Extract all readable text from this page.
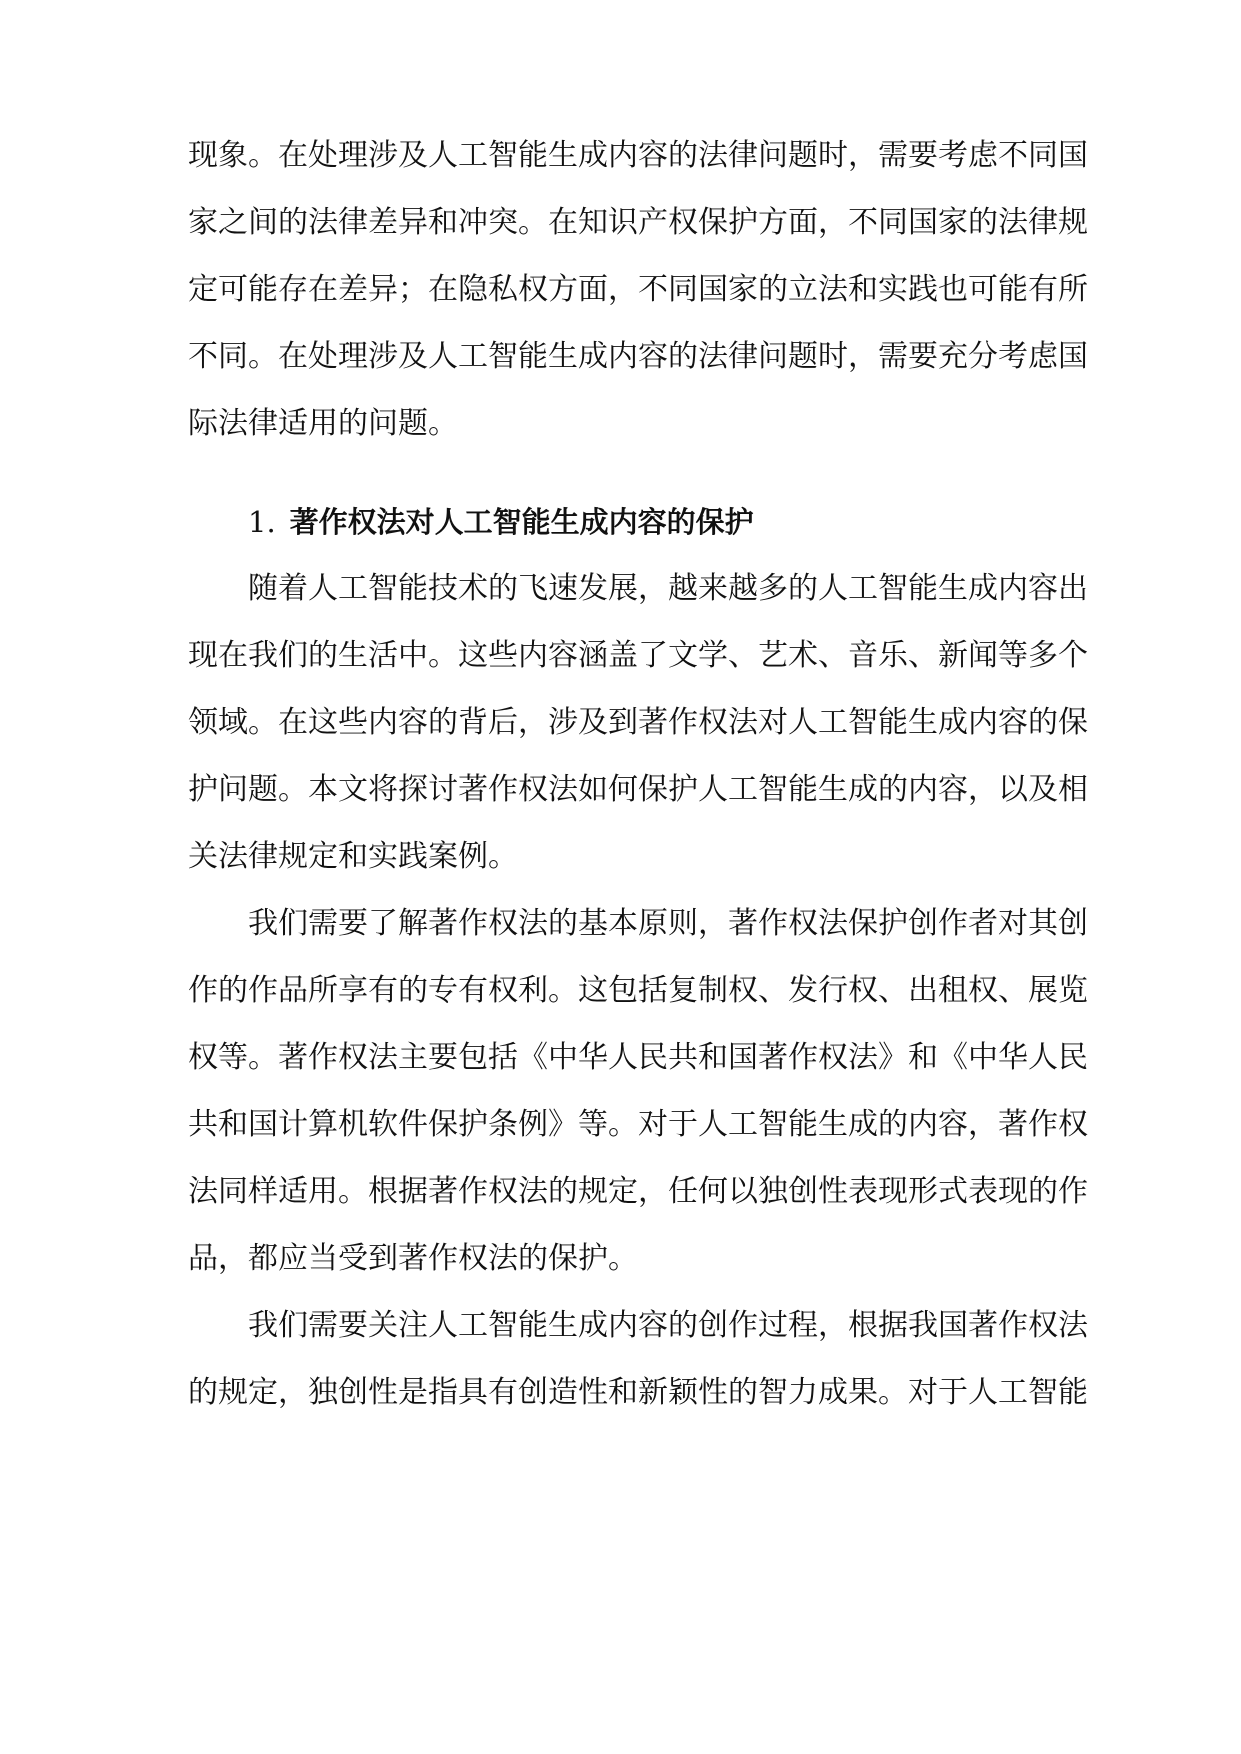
现象。在处理涉及人工智能生成内容的法律问题时，需要考虑不同国
家之间的法律差异和冲突。在知识产权保护方面，不同国家的法律规
定可能存在差异；在隐私权方面，不同国家的立法和实践也可能有所
不同。在处理涉及人工智能生成内容的法律问题时，需要充分考虑国
际法律适用的问题。
1. 著作权法对人工智能生成内容的保护
随着人工智能技术的飞速发展，越来越多的人工智能生成内容出
现在我们的生活中。这些内容涵盖了文学、艺术、音乐、新闻等多个
领域。在这些内容的背后，涉及到著作权法对人工智能生成内容的保
护问题。本文将探讨著作权法如何保护人工智能生成的内容，以及相
关法律规定和实践案例。
我们需要了解著作权法的基本原则，著作权法保护创作者对其创
作的作品所享有的专有权利。这包括复制权、发行权、出租权、展览
权等。著作权法主要包括《中华人民共和国著作权法》和《中华人民
共和国计算机软件保护条例》等。对于人工智能生成的内容，著作权
法同样适用。根据著作权法的规定，任何以独创性表现形式表现的作
品，都应当受到著作权法的保护。
我们需要关注人工智能生成内容的创作过程，根据我国著作权法
的规定，独创性是指具有创造性和新颖性的智力成果。对于人工智能
